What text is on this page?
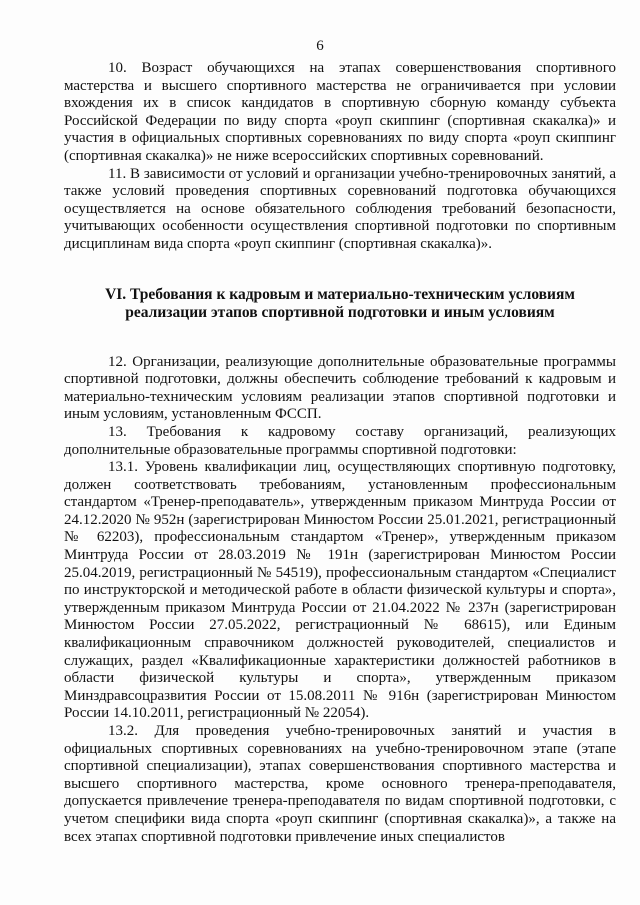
6

10. Возраст обучающихся на этапах совершенствования спортивного мастерства и высшего спортивного мастерства не ограничивается при условии вхождения их в список кандидатов в спортивную сборную команду субъекта Российской Федерации по виду спорта «роуп скиппинг (спортивная скакалка)» и участия в официальных спортивных соревнованиях по виду спорта «роуп скиппинг (спортивная скакалка)» не ниже всероссийских спортивных соревнований.

11. В зависимости от условий и организации учебно-тренировочных занятий, а также условий проведения спортивных соревнований подготовка обучающихся осуществляется на основе обязательного соблюдения требований безопасности, учитывающих особенности осуществления спортивной подготовки по спортивным дисциплинам вида спорта «роуп скиппинг (спортивная скакалка)».

VI. Требования к кадровым и материально-техническим условиям
реализации этапов спортивной подготовки и иным условиям

12. Организации, реализующие дополнительные образовательные программы спортивной подготовки, должны обеспечить соблюдение требований к кадровым и материально-техническим условиям реализации этапов спортивной подготовки и иным условиям, установленным ФССП.

13. Требования к кадровому составу организаций, реализующих дополнительные образовательные программы спортивной подготовки:

13.1. Уровень квалификации лиц, осуществляющих спортивную подготовку, должен соответствовать требованиям, установленным профессиональным стандартом «Тренер-преподаватель», утвержденным приказом Минтруда России от 24.12.2020 № 952н (зарегистрирован Минюстом России 25.01.2021, регистрационный № 62203), профессиональным стандартом «Тренер», утвержденным приказом Минтруда России от 28.03.2019 № 191н (зарегистрирован Минюстом России 25.04.2019, регистрационный № 54519), профессиональным стандартом «Специалист по инструкторской и методической работе в области физической культуры и спорта», утвержденным приказом Минтруда России от 21.04.2022 № 237н (зарегистрирован Минюстом России 27.05.2022, регистрационный № 68615), или Единым квалификационным справочником должностей руководителей, специалистов и служащих, раздел «Квалификационные характеристики должностей работников в области физической культуры и спорта», утвержденным приказом Минздравсоцразвития России от 15.08.2011 № 916н (зарегистрирован Минюстом России 14.10.2011, регистрационный № 22054).

13.2. Для проведения учебно-тренировочных занятий и участия в официальных спортивных соревнованиях на учебно-тренировочном этапе (этапе спортивной специализации), этапах совершенствования спортивного мастерства и высшего спортивного мастерства, кроме основного тренера-преподавателя, допускается привлечение тренера-преподавателя по видам спортивной подготовки, с учетом специфики вида спорта «роуп скиппинг (спортивная скакалка)», а также на всех этапах спортивной подготовки привлечение иных специалистов
